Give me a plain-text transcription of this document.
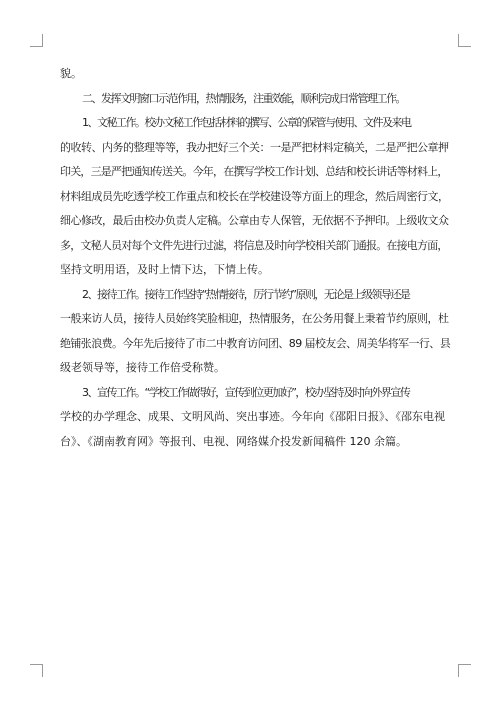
貌。

二、发挥文明窗口示范作用，热情服务，注重效能，顺利完成日常管理工作。

1、文秘工作。校办文秘工作包括材料的撰写、公章的保管与使用、文件及来电
的收转、内务的整理等等，我办把好三个关：一是严把材料定稿关，二是严把公章押
印关，三是严把通知传送关。今年，在撰写学校工作计划、总结和校长讲话等材料上，
材料组成员先吃透学校工作重点和校长在学校建设等方面上的理念，然后周密行文，
细心修改，最后由校办负责人定稿。公章由专人保管，无依据不予押印。上级收文众
多，文秘人员对每个文件先进行过滤，将信息及时向学校相关部门通报。在接电方面，
坚持文明用语，及时上情下达，下情上传。

2、接待工作。接待工作坚持“热情接待，厉行节约”原则，无论是上级领导还是
一般来访人员，接待人员始终笑脸相迎，热情服务，在公务用餐上秉着节约原则，杜
绝铺张浪费。今年先后接待了市二中教育访问团、89 届校友会、周美华将军一行、县
级老领导等，接待工作倍受称赞。

3、宣传工作。“学校工作做得好，宣传到位更加好”，校办坚持及时向外界宣传
学校的办学理念、成果、文明风尚、突出事迹。今年向《邵阳日报》、《邵东电视
台》、《湖南教育网》等报刊、电视、网络媒介投发新闻稿件 120 余篇。
